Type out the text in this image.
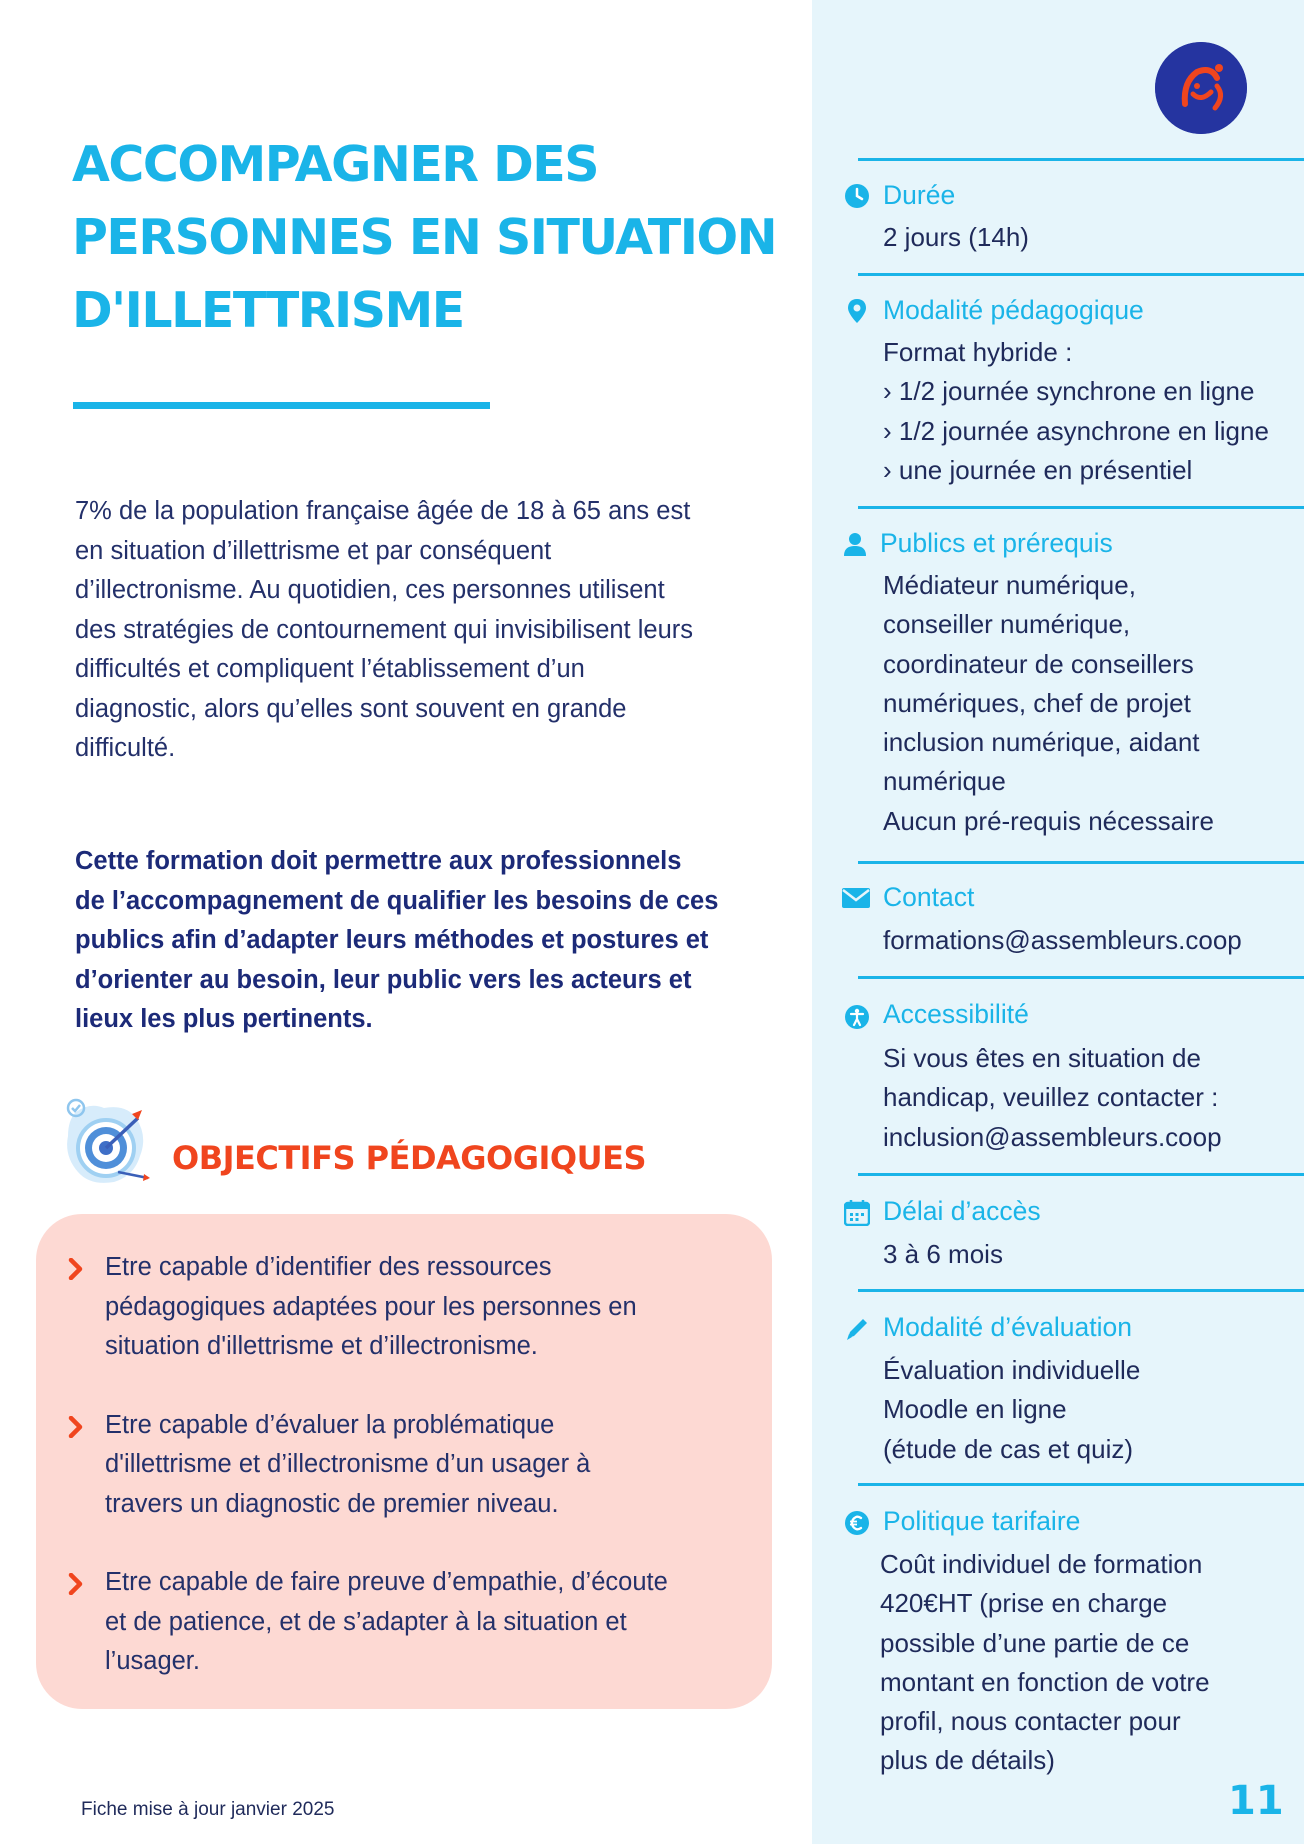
ACCOMPAGNER DES
PERSONNES EN SITUATION
D'ILLETTRISME

7% de la population française âgée de 18 à 65 ans est
en situation d’illettrisme et par conséquent
d’illectronisme. Au quotidien, ces personnes utilisent
des stratégies de contournement qui invisibilisent leurs
difficultés et compliquent l’établissement d’un
diagnostic, alors qu’elles sont souvent en grande
difficulté.

Cette formation doit permettre aux professionnels
de l’accompagnement de qualifier les besoins de ces
publics afin d’adapter leurs méthodes et postures et
d’orienter au besoin, leur public vers les acteurs et
lieux les plus pertinents.

OBJECTIFS PÉDAGOGIQUES
Etre capable d’identifier des ressources
pédagogiques adaptées pour les personnes en
situation d'illettrisme et d’illectronisme.
Etre capable d’évaluer la problématique
d'illettrisme et d’illectronisme d’un usager à
travers un diagnostic de premier niveau.
Etre capable de faire preuve d’empathie, d’écoute
et de patience, et de s’adapter à la situation et
l’usager.
Fiche mise à jour janvier 2025
Durée
2 jours (14h)
Modalité pédagogique
Format hybride :
› 1/2 journée synchrone en ligne
› 1/2 journée asynchrone en ligne
› une journée en présentiel
Publics et prérequis
Médiateur numérique,
conseiller numérique,
coordinateur de conseillers
numériques, chef de projet
inclusion numérique, aidant
numérique
Aucun pré-requis nécessaire
Contact
formations@assembleurs.coop
Accessibilité
Si vous êtes en situation de
handicap, veuillez contacter :
inclusion@assembleurs.coop
Délai d’accès
3 à 6 mois
Modalité d’évaluation
Évaluation individuelle
Moodle en ligne
(étude de cas et quiz)
Politique tarifaire
Coût individuel de formation
420€HT (prise en charge
possible d’une partie de ce
montant en fonction de votre
profil, nous contacter pour
plus de détails)
11
